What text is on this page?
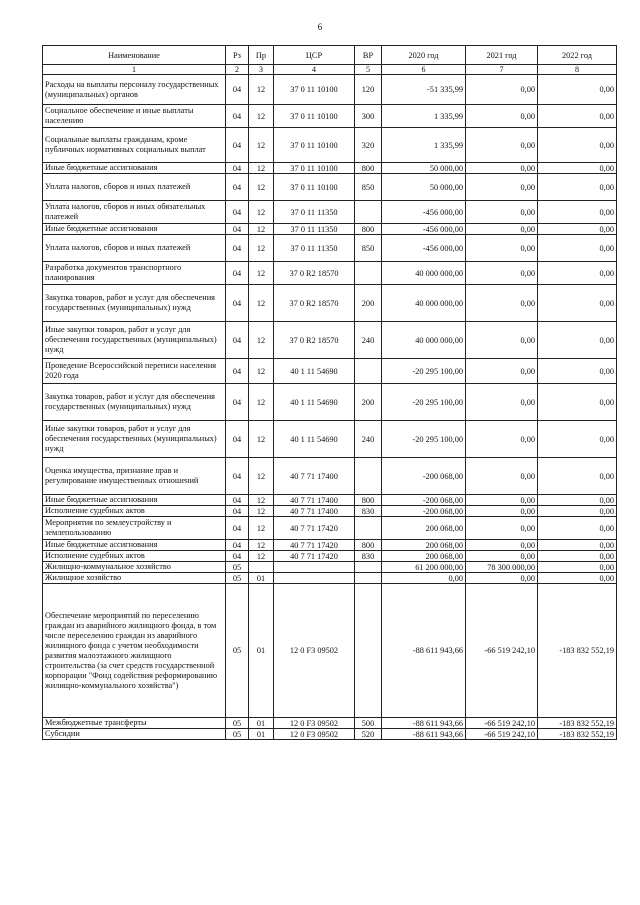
6
Наименование	Рз	Пр	ЦСР	ВР	2020 год	2021 год	2022 год
1	2	3	4	5	6	7	8
Расходы на выплаты персоналу государственных (муниципальных) органов	04	12	37 0 11 10100	120	-51 335,99	0,00	0,00
Социальное обеспечение и иные выплаты населению	04	12	37 0 11 10100	300	1 335,99	0,00	0,00
Социальные выплаты гражданам, кроме публичных нормативных социальных выплат	04	12	37 0 11 10100	320	1 335,99	0,00	0,00
Иные бюджетные ассигнования	04	12	37 0 11 10100	800	50 000,00	0,00	0,00
Уплата налогов, сборов и иных платежей	04	12	37 0 11 10100	850	50 000,00	0,00	0,00
Уплата налогов, сборов и иных обязательных платежей	04	12	37 0 11 11350		-456 000,00	0,00	0,00
Иные бюджетные ассигнования	04	12	37 0 11 11350	800	-456 000,00	0,00	0,00
Уплата налогов, сборов и иных платежей	04	12	37 0 11 11350	850	-456 000,00	0,00	0,00
Разработка документов транспортного планирования	04	12	37 0 R2 18570		40 000 000,00	0,00	0,00
Закупка товаров, работ и услуг для обеспечения государственных (муниципальных) нужд	04	12	37 0 R2 18570	200	40 000 000,00	0,00	0,00
Иные закупки товаров, работ и услуг для обеспечения государственных (муниципальных) нужд	04	12	37 0 R2 18570	240	40 000 000,00	0,00	0,00
Проведение Всероссийской переписи населения 2020 года	04	12	40 1 11 54690		-20 295 100,00	0,00	0,00
Закупка товаров, работ и услуг для обеспечения государственных (муниципальных) нужд	04	12	40 1 11 54690	200	-20 295 100,00	0,00	0,00
Иные закупки товаров, работ и услуг для обеспечения государственных (муниципальных) нужд	04	12	40 1 11 54690	240	-20 295 100,00	0,00	0,00
Оценка имущества, признание прав и регулирование имущественных отношений	04	12	40 7 71 17400		-200 068,00	0,00	0,00
Иные бюджетные ассигнования	04	12	40 7 71 17400	800	-200 068,00	0,00	0,00
Исполнение судебных актов	04	12	40 7 71 17400	830	-200 068,00	0,00	0,00
Мероприятия по землеустройству и землепользованию	04	12	40 7 71 17420		200 068,00	0,00	0,00
Иные бюджетные ассигнования	04	12	40 7 71 17420	800	200 068,00	0,00	0,00
Исполнение судебных актов	04	12	40 7 71 17420	830	200 068,00	0,00	0,00
Жилищно-коммунальное хозяйство	05				61 200 000,00	78 300 000,00	0,00
Жилищное хозяйство	05	01			0,00	0,00	0,00
Обеспечение мероприятий по переселению граждан из аварийного жилищного фонда, в том числе переселению граждан из аварийного жилищного фонда с учетом необходимости развития малоэтажного жилищного строительства (за счет средств государственной корпорации "Фонд содействия реформированию жилищно-коммунального хозяйства")	05	01	12 0 F3 09502		-88 611 943,66	-66 519 242,10	-183 832 552,19
Межбюджетные трансферты	05	01	12 0 F3 09502	500	-88 611 943,66	-66 519 242,10	-183 832 552,19
Субсидии	05	01	12 0 F3 09502	520	-88 611 943,66	-66 519 242,10	-183 832 552,19
